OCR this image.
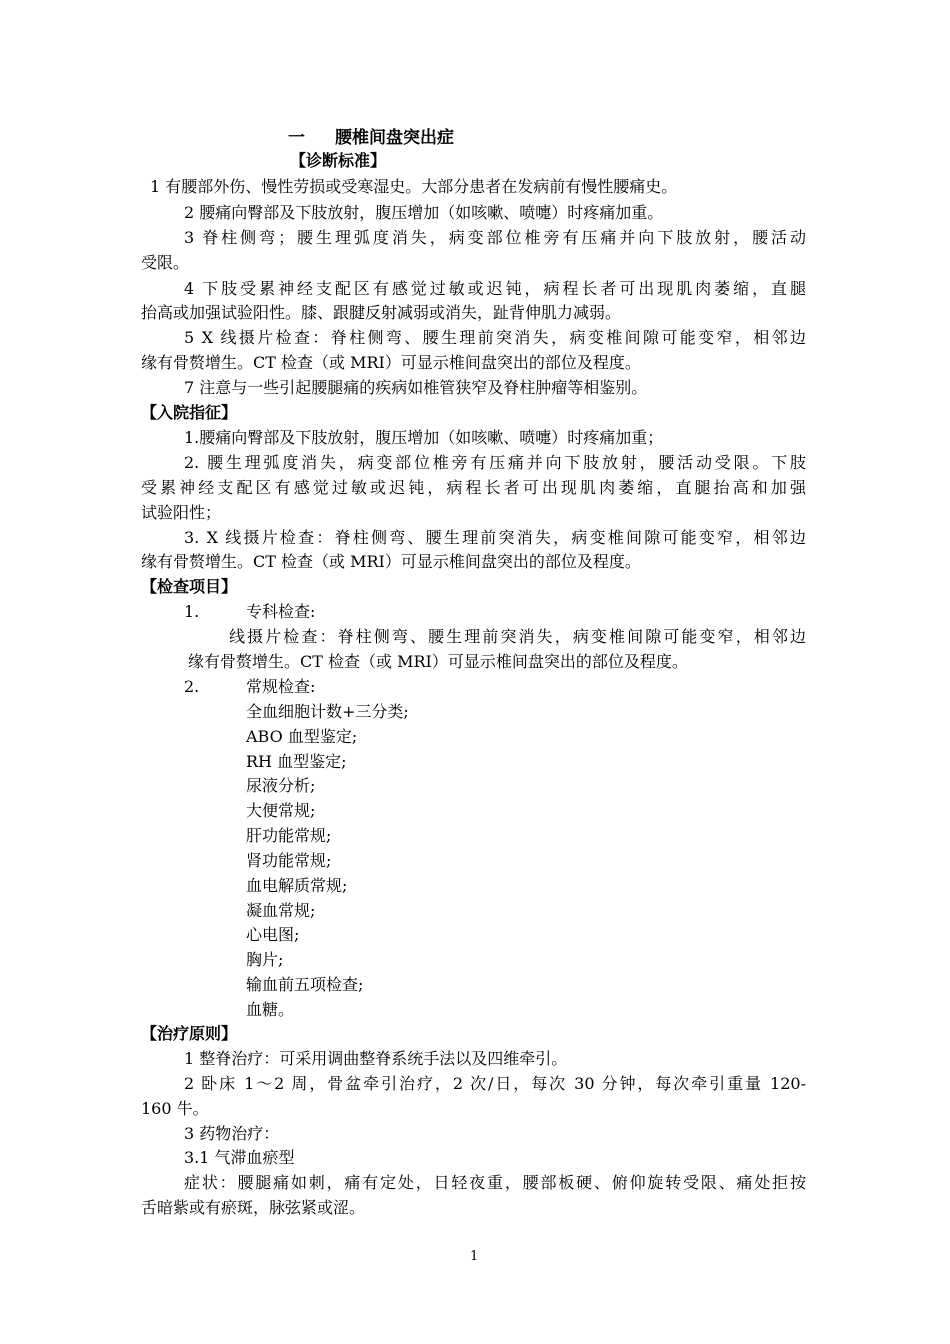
一 腰椎间盘突出症
【诊断标准】
1 有腰部外伤、慢性劳损或受寒湿史。大部分患者在发病前有慢性腰痛史。
2 腰痛向臀部及下肢放射，腹压增加（如咳嗽、喷嚏）时疼痛加重。
3 脊柱侧弯；腰生理弧度消失，病变部位椎旁有压痛并向下肢放射，腰活动
受限。
4 下肢受累神经支配区有感觉过敏或迟钝，病程长者可出现肌肉萎缩，直腿
抬高或加强试验阳性。膝、跟腱反射减弱或消失，趾背伸肌力减弱。
5 X 线摄片检查：脊柱侧弯、腰生理前突消失，病变椎间隙可能变窄，相邻边
缘有骨赘增生。CT 检查（或 MRI）可显示椎间盘突出的部位及程度。
7 注意与一些引起腰腿痛的疾病如椎管狭窄及脊柱肿瘤等相鉴别。
【入院指征】
1.腰痛向臀部及下肢放射，腹压增加（如咳嗽、喷嚏）时疼痛加重；
2. 腰生理弧度消失，病变部位椎旁有压痛并向下肢放射，腰活动受限。下肢
受累神经支配区有感觉过敏或迟钝，病程长者可出现肌肉萎缩，直腿抬高和加强
试验阳性；
3. X 线摄片检查：脊柱侧弯、腰生理前突消失，病变椎间隙可能变窄，相邻边
缘有骨赘增生。CT 检查（或 MRI）可显示椎间盘突出的部位及程度。
【检查项目】
1.	专科检查:
线摄片检查：脊柱侧弯、腰生理前突消失，病变椎间隙可能变窄，相邻边
缘有骨赘增生。CT 检查（或 MRI）可显示椎间盘突出的部位及程度。
2.	常规检查:
全血细胞计数+三分类;
ABO 血型鉴定;
RH 血型鉴定;
尿液分析;
大便常规;
肝功能常规;
肾功能常规;
血电解质常规;
凝血常规;
心电图;
胸片;
输血前五项检查;
血糖。
【治疗原则】
1 整脊治疗：可采用调曲整脊系统手法以及四维牵引。
2 卧床 1～2 周，骨盆牵引治疗，2 次/日，每次 30 分钟，每次牵引重量 120-
160 牛。
3 药物治疗：
3.1 气滞血瘀型
症状：腰腿痛如刺，痛有定处，日轻夜重，腰部板硬、俯仰旋转受限、痛处拒按
舌暗紫或有瘀斑，脉弦紧或涩。
1
